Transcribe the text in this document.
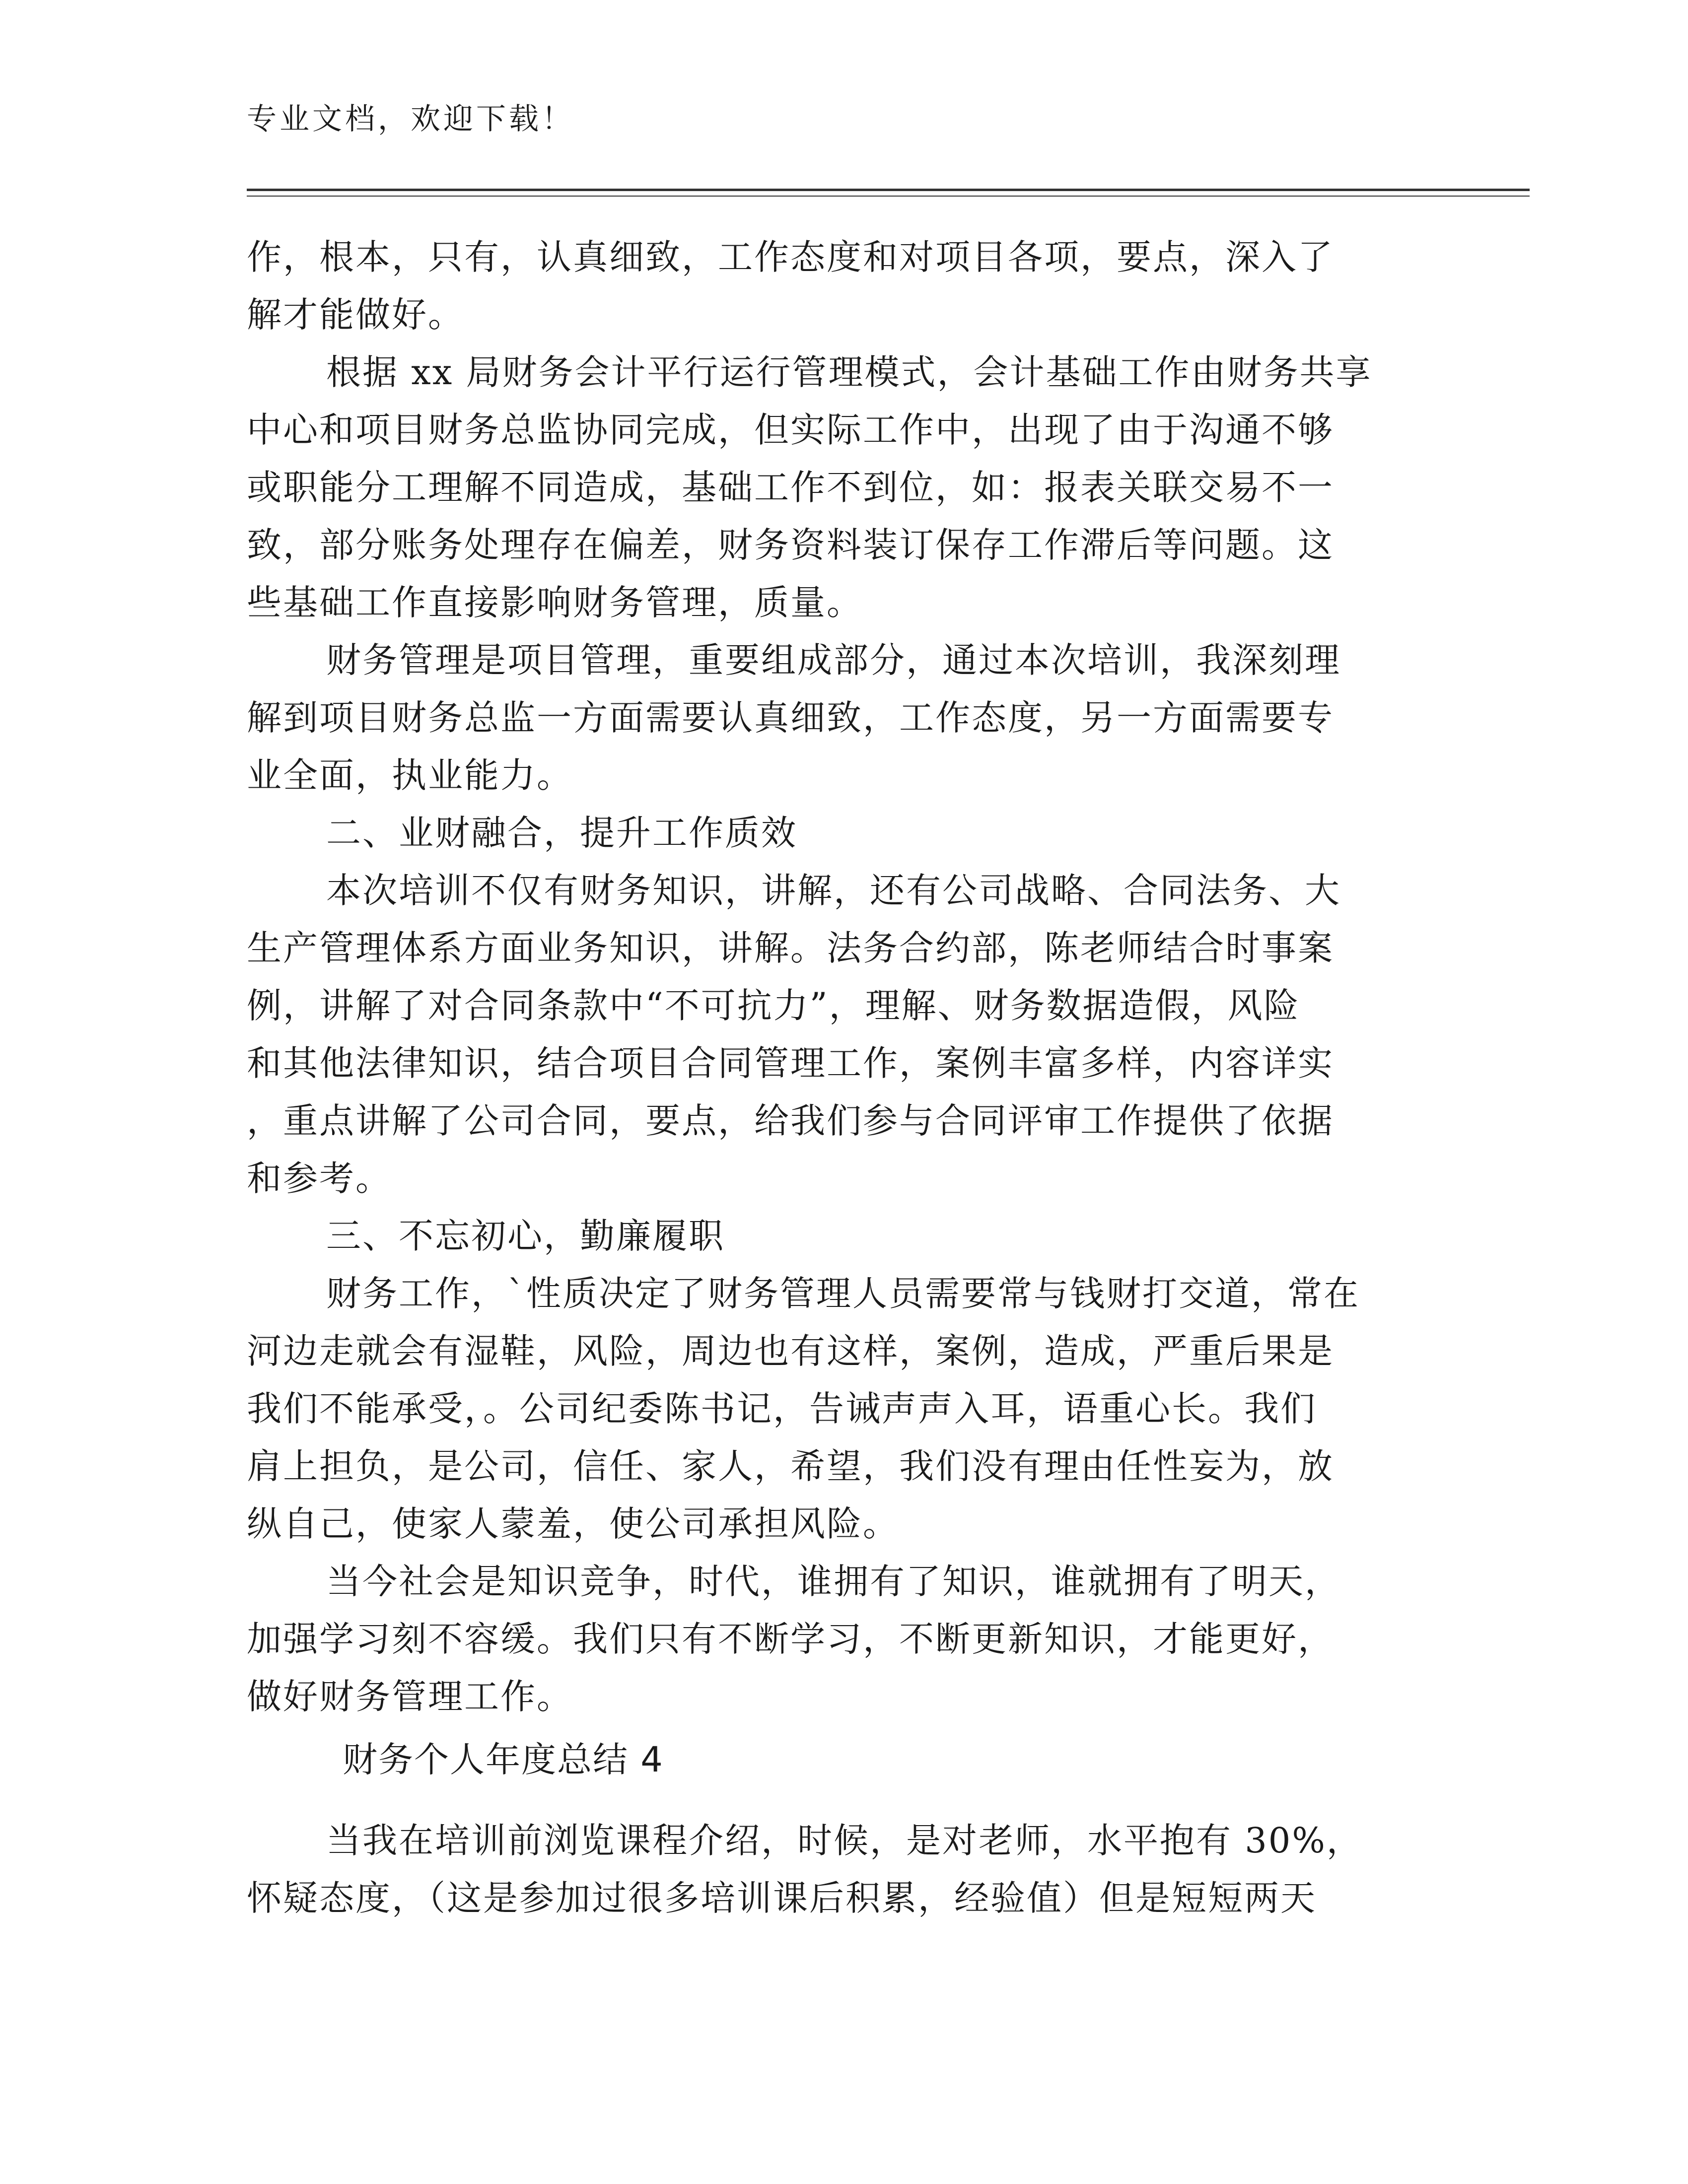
专业文档，欢迎下载！
作，根本，只有，认真细致，工作态度和对项目各项，要点，深入了
解才能做好。
根据 xx 局财务会计平行运行管理模式，会计基础工作由财务共享
中心和项目财务总监协同完成，但实际工作中，出现了由于沟通不够
或职能分工理解不同造成，基础工作不到位，如：报表关联交易不一
致，部分账务处理存在偏差，财务资料装订保存工作滞后等问题。这
些基础工作直接影响财务管理，质量。
财务管理是项目管理，重要组成部分，通过本次培训，我深刻理
解到项目财务总监一方面需要认真细致，工作态度，另一方面需要专
业全面，执业能力。
二、业财融合，提升工作质效
本次培训不仅有财务知识，讲解，还有公司战略、合同法务、大
生产管理体系方面业务知识，讲解。法务合约部，陈老师结合时事案
例，讲解了对合同条款中“不可抗力”，理解、财务数据造假，风险
和其他法律知识，结合项目合同管理工作，案例丰富多样，内容详实
，重点讲解了公司合同，要点，给我们参与合同评审工作提供了依据
和参考。
三、不忘初心，勤廉履职
财务工作，`性质决定了财务管理人员需要常与钱财打交道，常在
河边走就会有湿鞋，风险，周边也有这样，案例，造成，严重后果是
我们不能承受，。公司纪委陈书记，告诫声声入耳，语重心长。我们
肩上担负，是公司，信任、家人，希望，我们没有理由任性妄为，放
纵自己，使家人蒙羞，使公司承担风险。
当今社会是知识竞争，时代，谁拥有了知识，谁就拥有了明天，
加强学习刻不容缓。我们只有不断学习，不断更新知识，才能更好，
做好财务管理工作。
财务个人年度总结 4
当我在培训前浏览课程介绍，时候，是对老师，水平抱有 30%，
怀疑态度，（这是参加过很多培训课后积累，经验值）但是短短两天
